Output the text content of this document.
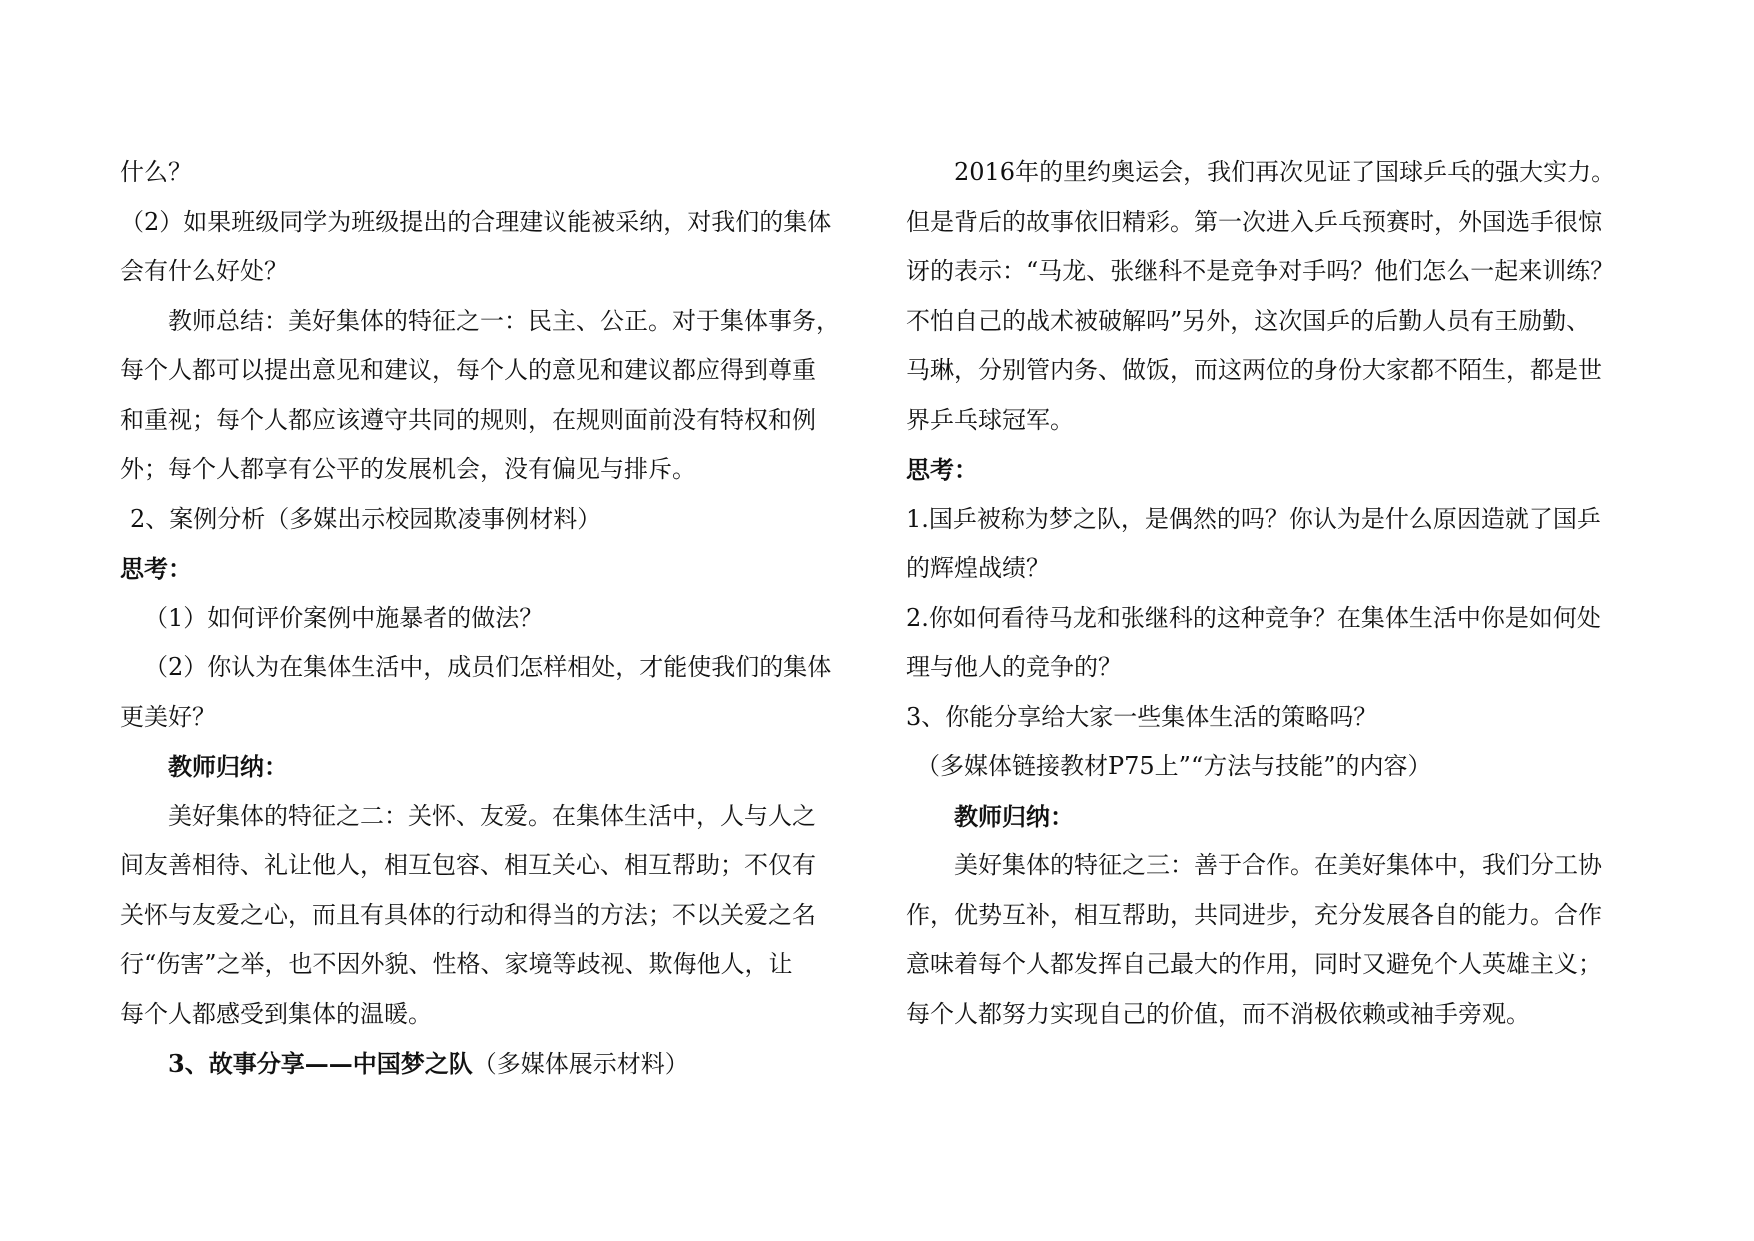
什么？
（2）如果班级同学为班级提出的合理建议能被采纳，对我们的集体
会有什么好处？
教师总结：美好集体的特征之一：民主、公正。对于集体事务，
每个人都可以提出意见和建议，每个人的意见和建议都应得到尊重
和重视；每个人都应该遵守共同的规则，在规则面前没有特权和例
外；每个人都享有公平的发展机会，没有偏见与排斥。
2、案例分析（多媒出示校园欺凌事例材料）
思考：
（1）如何评价案例中施暴者的做法？
（2）你认为在集体生活中，成员们怎样相处，才能使我们的集体
更美好？
教师归纳：
美好集体的特征之二：关怀、友爱。在集体生活中，人与人之
间友善相待、礼让他人，相互包容、相互关心、相互帮助；不仅有
关怀与友爱之心，而且有具体的行动和得当的方法；不以关爱之名
行“伤害”之举，也不因外貌、性格、家境等歧视、欺侮他人，让
每个人都感受到集体的温暖。
3、故事分享——中国梦之队（多媒体展示材料）
2016年的里约奥运会，我们再次见证了国球乒乓的强大实力。
但是背后的故事依旧精彩。第一次进入乒乓预赛时，外国选手很惊
讶的表示：“马龙、张继科不是竞争对手吗？他们怎么一起来训练？
不怕自己的战术被破解吗”另外，这次国乒的后勤人员有王励勤、
马琳，分别管内务、做饭，而这两位的身份大家都不陌生，都是世
界乒乓球冠军。
思考：
1.国乒被称为梦之队，是偶然的吗？你认为是什么原因造就了国乒
的辉煌战绩？
2.你如何看待马龙和张继科的这种竞争？在集体生活中你是如何处
理与他人的竞争的？
3、你能分享给大家一些集体生活的策略吗？
（多媒体链接教材P75上”“方法与技能”的内容）
教师归纳：
美好集体的特征之三：善于合作。在美好集体中，我们分工协
作，优势互补，相互帮助，共同进步，充分发展各自的能力。合作
意味着每个人都发挥自己最大的作用，同时又避免个人英雄主义；
每个人都努力实现自己的价值，而不消极依赖或袖手旁观。
